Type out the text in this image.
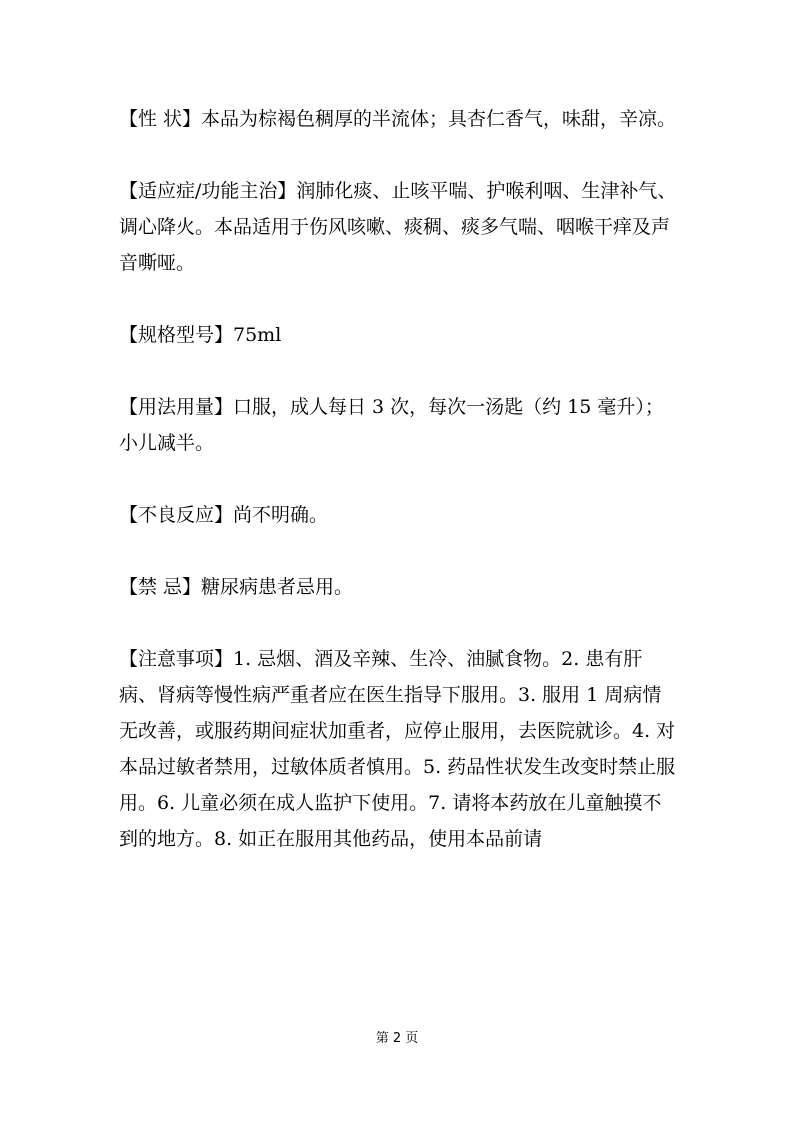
【性 状】本品为棕褐色稠厚的半流体；具杏仁香气，味甜，辛凉。

【适应症/功能主治】润肺化痰、止咳平喘、护喉利咽、生津补气、调心降火。本品适用于伤风咳嗽、痰稠、痰多气喘、咽喉干痒及声音嘶哑。

【规格型号】75ml

【用法用量】口服，成人每日 3 次，每次一汤匙（约 15 毫升）；小儿减半。

【不良反应】尚不明确。

【禁 忌】糖尿病患者忌用。

【注意事项】1. 忌烟、酒及辛辣、生冷、油腻食物。2. 患有肝病、肾病等慢性病严重者应在医生指导下服用。3. 服用 1 周病情无改善，或服药期间症状加重者，应停止服用，去医院就诊。4. 对本品过敏者禁用，过敏体质者慎用。5. 药品性状发生改变时禁止服用。6. 儿童必须在成人监护下使用。7. 请将本药放在儿童触摸不到的地方。8. 如正在服用其他药品，使用本品前请

第 2 页
